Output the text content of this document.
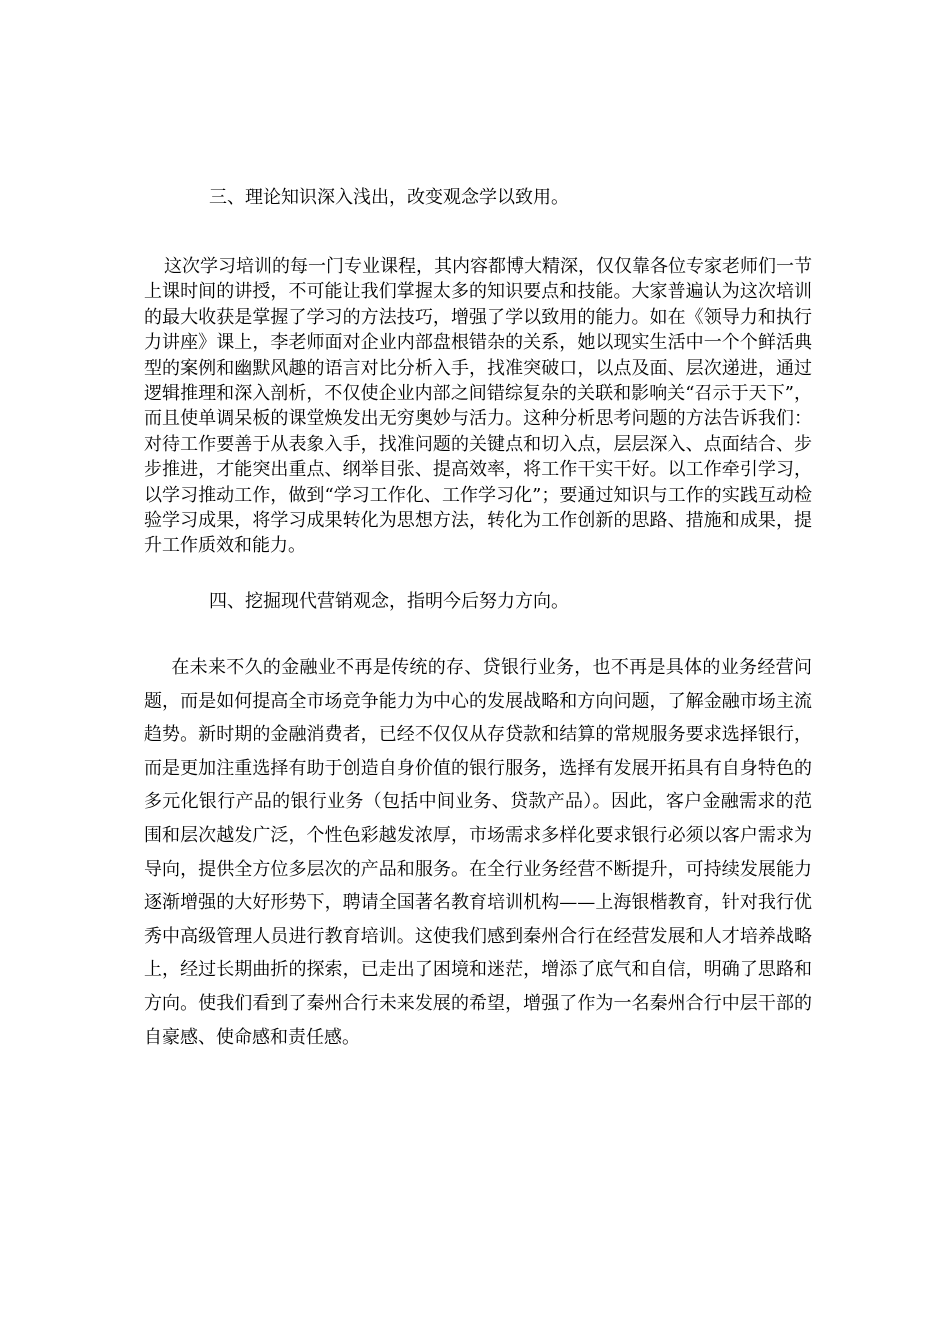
三、理论知识深入浅出，改变观念学以致用。

这次学习培训的每一门专业课程，其内容都博大精深，仅仅靠各位专家老师们一节上课时间的讲授，不可能让我们掌握太多的知识要点和技能。大家普遍认为这次培训的最大收获是掌握了学习的方法技巧，增强了学以致用的能力。如在《领导力和执行力讲座》课上，李老师面对企业内部盘根错杂的关系，她以现实生活中一个个鲜活典型的案例和幽默风趣的语言对比分析入手，找准突破口，以点及面、层次递进，通过逻辑推理和深入剖析，不仅使企业内部之间错综复杂的关联和影响关“召示于天下”，而且使单调呆板的课堂焕发出无穷奥妙与活力。这种分析思考问题的方法告诉我们：对待工作要善于从表象入手，找准问题的关键点和切入点，层层深入、点面结合、步步推进，才能突出重点、纲举目张、提高效率，将工作干实干好。以工作牵引学习，以学习推动工作，做到“学习工作化、工作学习化”；要通过知识与工作的实践互动检验学习成果，将学习成果转化为思想方法，转化为工作创新的思路、措施和成果，提升工作质效和能力。

四、挖掘现代营销观念，指明今后努力方向。

在未来不久的金融业不再是传统的存、贷银行业务，也不再是具体的业务经营问题，而是如何提高全市场竞争能力为中心的发展战略和方向问题，了解金融市场主流趋势。新时期的金融消费者，已经不仅仅从存贷款和结算的常规服务要求选择银行，而是更加注重选择有助于创造自身价值的银行服务，选择有发展开拓具有自身特色的多元化银行产品的银行业务（包括中间业务、贷款产品）。因此，客户金融需求的范围和层次越发广泛，个性色彩越发浓厚，市场需求多样化要求银行必须以客户需求为导向，提供全方位多层次的产品和服务。在全行业务经营不断提升，可持续发展能力逐渐增强的大好形势下，聘请全国著名教育培训机构——上海银楷教育，针对我行优秀中高级管理人员进行教育培训。这使我们感到秦州合行在经营发展和人才培养战略上，经过长期曲折的探索，已走出了困境和迷茫，增添了底气和自信，明确了思路和方向。使我们看到了秦州合行未来发展的希望，增强了作为一名秦州合行中层干部的自豪感、使命感和责任感。
